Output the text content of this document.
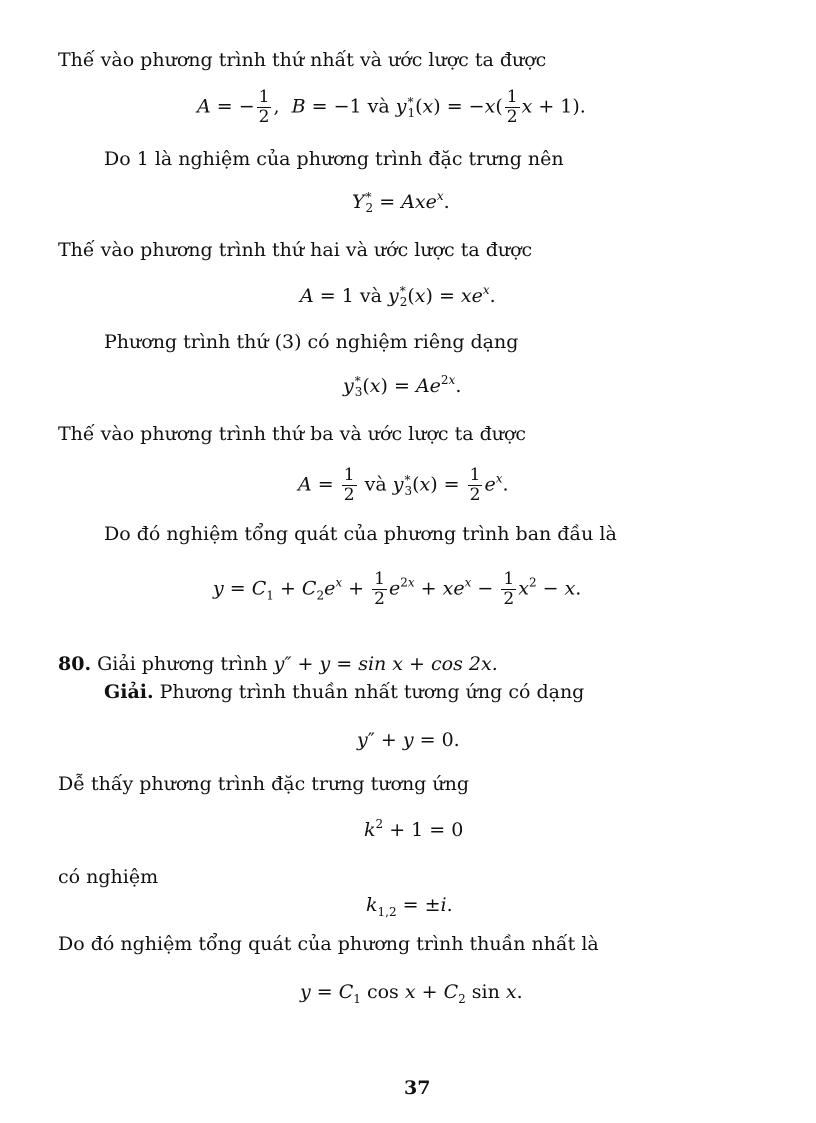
Thế vào phương trình thứ nhất và ước lược ta được
A = − $\frac{1}{2}$ ,  B = −1 và y *
1 $(x) = -x( \frac{1}{2}$ x + 1).
Do 1 là nghiệm của phương trình đặc trưng nên
Y *
2 = Axe$^x$.
Thế vào phương trình thứ hai và ước lược ta được
A = 1 và y *
2 $(x) = xe^x$.
Phương trình thứ (3) có nghiệm riêng dạng
y *
3 $(x) = Ae^{2x}$.
Thế vào phương trình thứ ba và ước lược ta được
$A = \frac{1}{2}$ và y *
3 $(x) = \frac{1}{2} e^x$.
Do đó nghiệm tổng quát của phương trình ban đầu là
$y = C_1 + C_2e^x + \frac{1}{2} e^{2x} + xe^x - \frac{1}{2} x^2 - x$.
80. Giải phương trình y″ + y = sin x + cos 2x.
Giải. Phương trình thuần nhất tương ứng có dạng
y″ + y = 0.
Dễ thấy phương trình đặc trưng tương ứng
$k^2 + 1 = 0$
có nghiệm
$k_{1,2} = \pm i$.
Do đó nghiệm tổng quát của phương trình thuần nhất là
$y = C_1$ $\cos x + C_2$ sin x.
37
